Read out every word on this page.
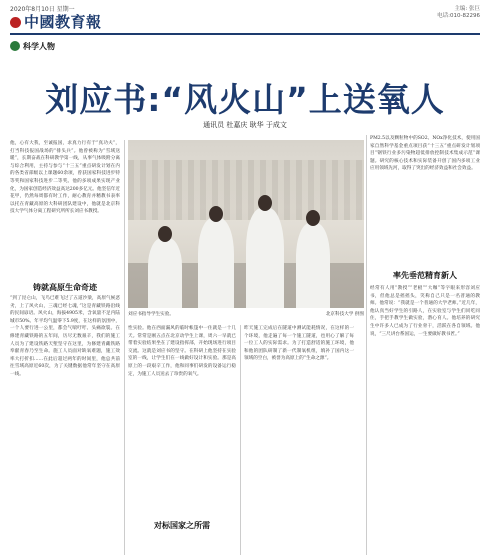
2020年8月10日 星期一
中國教育報
主编: 张巨
电话:010-82296
科学人物
刘应书:“风火山”上送氧人
通讯员 杜嘉庆 耿华 于成文
他，心有大我，至诚报国，求真力行有于“真功夫”，打当科技报国战场的“排头兵”。他曾被称为“雪域送暖”，长期奋战在科研教学第一线，从事气体吸附分离与综合利用，主持与参与“十三五”重点研发计划在内的各类省部级以上课题60余项，曾获国家科技进步特等奖和国家科技进步二等奖。他的多项成果实现产业化，为国家创造经济效益高达200多亿元。他坚信年近花甲，仍然每周都有时工作，耐心教育并精教书表率以托在青藏高原的大科研团队建设中，他就是北京科技大学气体分离工程研究所所长刘应书教授。
铸就高原生命奇迹
“到了昆仑山，飞鸟已难飞过了五道沙梁，高原气候恶劣，上了风火山，三魂已经七魂，”这是青藏铁路沿线的民间谚语。风火山，海拔4905米，含氧量不足内陆城市50%。年平均气温零下5.9度，在这样的氛围中，一个人要行进一公里，都会气喘吁吁、头痛欲裂。在修建青藏铁路的五年间，历尽无数艰辛，我们的施工人员为了建设铁路天堑坚守在这里，为修建青藏铁路奉献青春乃至生命。施工人员面对缺氧难题，施工效率大打折扣……在此后超过两年的时间里，他总共前往雪域高原近60次，为了关键数据他常年坚守在高原一线。
刘应书指导学生实验。	北京科技大学 供图
性实验。他在西面漏风的临时帐篷中一住就是一十几天。常常是刚五点在北京动学生上课，周六一早就已带着实验结果坐在了建设指挥部，开始现场进行项目交流。这就是刘应书的坚守。在科研上他坚持在实验室的一线，让学生们在一线做好设计和实验。那是高原上的一段艰辛工作，他和同事们研发的设备运行稳定，为施工人员送去了珍贵的氧气。
对标国家之所需
昨天施工完成后在隧道中测试能耗情况，在这样的一个环境，他走遍了每一个施工隧道，也用心了解了每一位工人的实际需求。为了打造舒适的施工环境，他和他的团队研制了新一代制氧机组，填补了国内这一领域的空白，被誉为高原上的“生命之源”。
PM2.5以及颗粒物中的SO2、NOx净化技术，使用国家自然科学基金重点项目获“十三五”重点研发计划项目“钢铁行业多污染物超低排放控制技术集成示范”课题。研究的核心技术和实际装备开创了国内多项工业应用领域先河，取得了突出的经济效益和社会效益。
率先垂范精育新人
经常有人用“教授”“老板”“大咖”等字眼来形容刘应书，但他总是摇摇头，笑称自己只是一名普通的教师。他常说：“我就是一个普通的大学老师。”近几年，他认真当好学生的引路人，在实验室与学生们同吃同住，手把手教学生做实验，潜心育人。他培养的研究生中许多人已成为了行业骨干，活跃在各自领域。他说，“三尺讲台系国运，一生要做好教书匠。”
